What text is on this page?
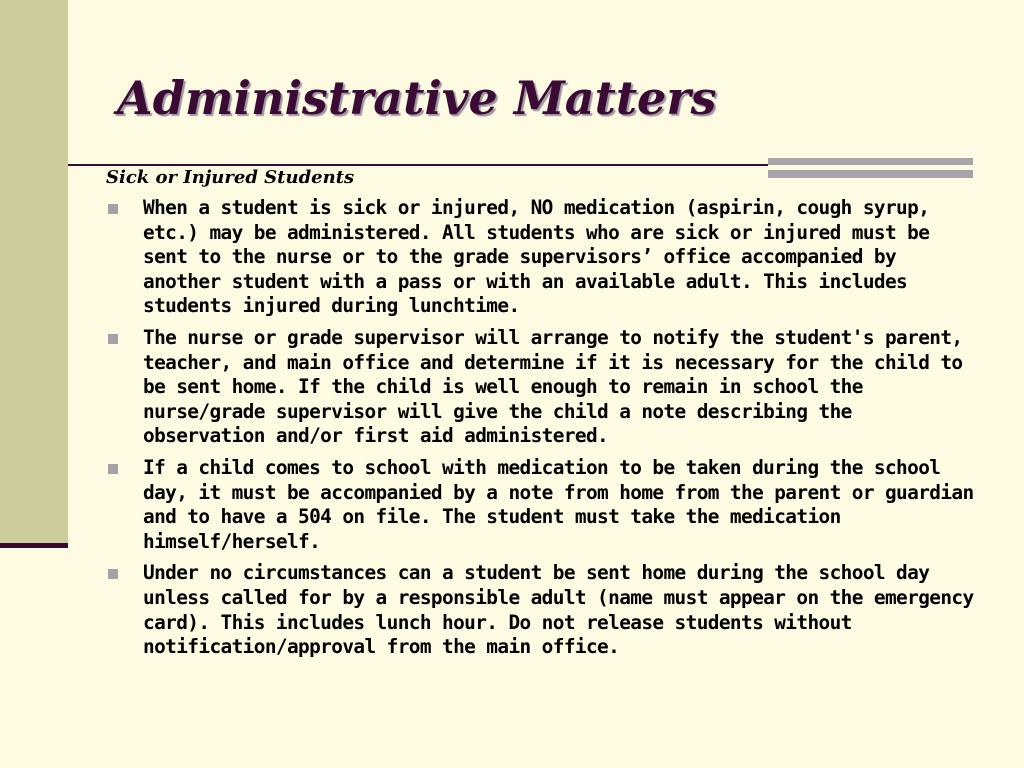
Administrative Matters
Sick or Injured Students
When a student is sick or injured, NO medication (aspirin, cough syrup, etc.) may be administered. All students who are sick or injured must be sent to the nurse or to the grade supervisors’ office accompanied by another student with a pass or with an available adult. This includes students injured during lunchtime.
The nurse or grade supervisor will arrange to notify the student's parent, teacher, and main office and determine if it is necessary for the child to be sent home. If the child is well enough to remain in school the nurse/grade supervisor will give the child a note describing the observation and/or first aid administered.
If a child comes to school with medication to be taken during the school day, it must be accompanied by a note from home from the parent or guardian and to have a 504 on file. The student must take the medication himself/herself.
Under no circumstances can a student be sent home during the school day unless called for by a responsible adult (name must appear on the emergency card). This includes lunch hour. Do not release students without notification/approval from the main office.
